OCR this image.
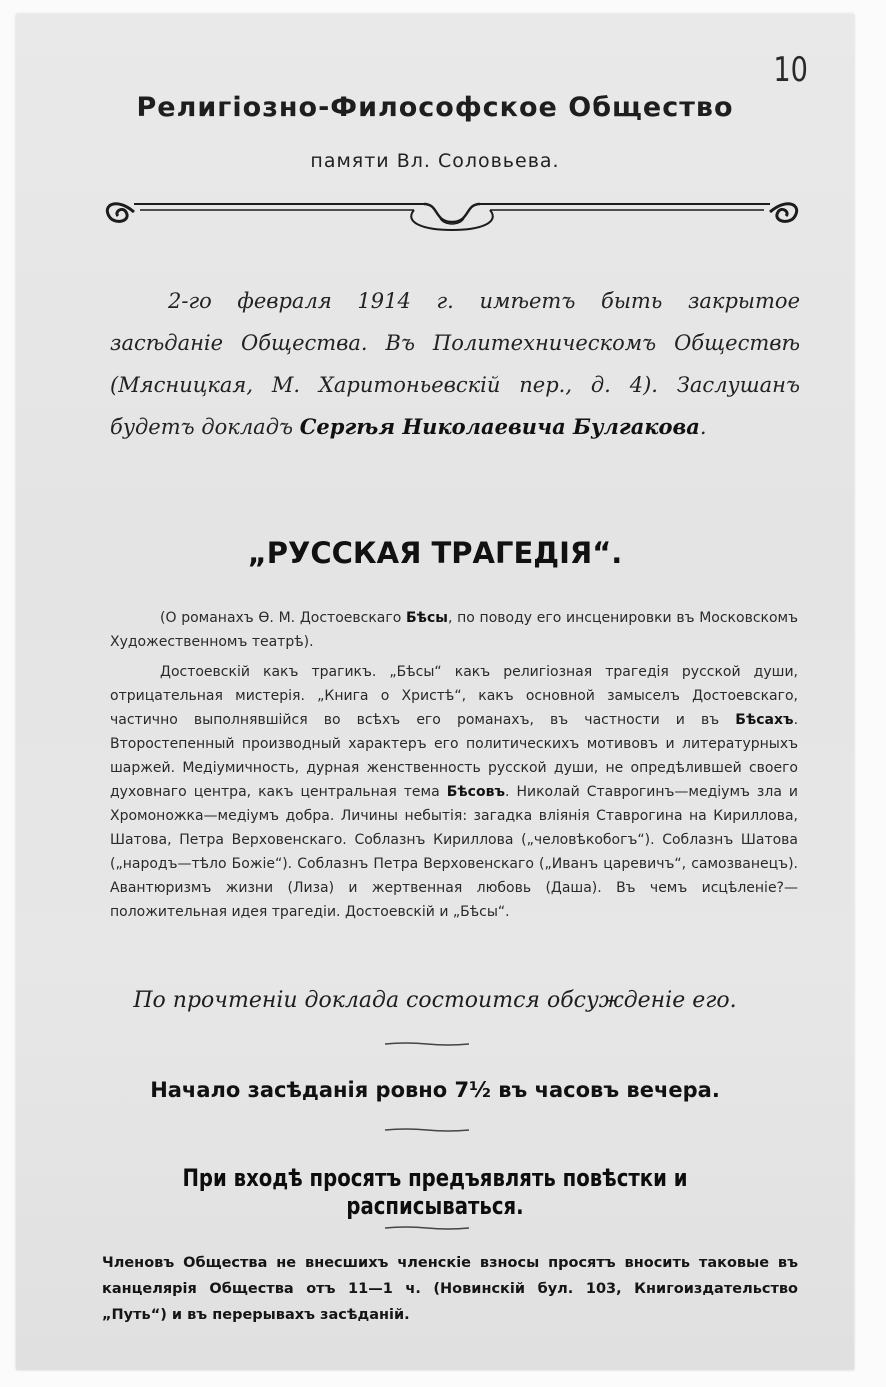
10
Религіозно-Философское Общество
памяти Вл. Соловьева.

2-го февраля 1914 г. имѣетъ быть закрытое засѣданіе Общества. Въ Политехническомъ Обществѣ (Мясницкая, М. Харитоньевскій пер., д. 4). Заслушанъ будетъ докладъ Сергѣя Николаевича Булгакова.

„РУССКАЯ ТРАГЕДІЯ“.

(О романахъ Ѳ. М. Достоевскаго Бѣсы, по поводу его инсценировки въ Московскомъ Художественномъ театрѣ).

Достоевскій какъ трагикъ. „Бѣсы“ какъ религіозная трагедія русской души, отрицательная мистерія. „Книга о Христѣ“, какъ основной замыселъ Достоевскаго, частично выполнявшійся во всѣхъ его романахъ, въ частности и въ Бѣсахъ. Второстепенный производный характеръ его политическихъ мотивовъ и литературныхъ шаржей. Медіумичность, дурная женственность русской души, не опредѣлившей своего духовнаго центра, какъ центральная тема Бѣсовъ. Николай Ставрогинъ—медіумъ зла и Хромоножка—медіумъ добра. Личины небытія: загадка вліянія Ставрогина на Кириллова, Шатова, Петра Верховенскаго. Соблазнъ Кириллова („человѣкобогъ“). Соблазнъ Шатова („народъ—тѣло Божіе“). Соблазнъ Петра Верховенскаго („Иванъ царевичъ“, самозванецъ). Авантюризмъ жизни (Лиза) и жертвенная любовь (Даша). Въ чемъ исцѣленіе?—положительная идея трагедіи. Достоевскій и „Бѣсы“.

По прочтеніи доклада состоится обсужденіе его.
Начало засѣданія ровно 7½ въ часовъ вечера.
При входѣ просятъ предъявлять повѣстки и расписываться.

Членовъ Общества не внесшихъ членскіе взносы просятъ вносить таковые въ канцелярія Общества отъ 11—1 ч. (Новинскій бул. 103, Книгоиздательство „Путь“) и въ перерывахъ засѣданій.
